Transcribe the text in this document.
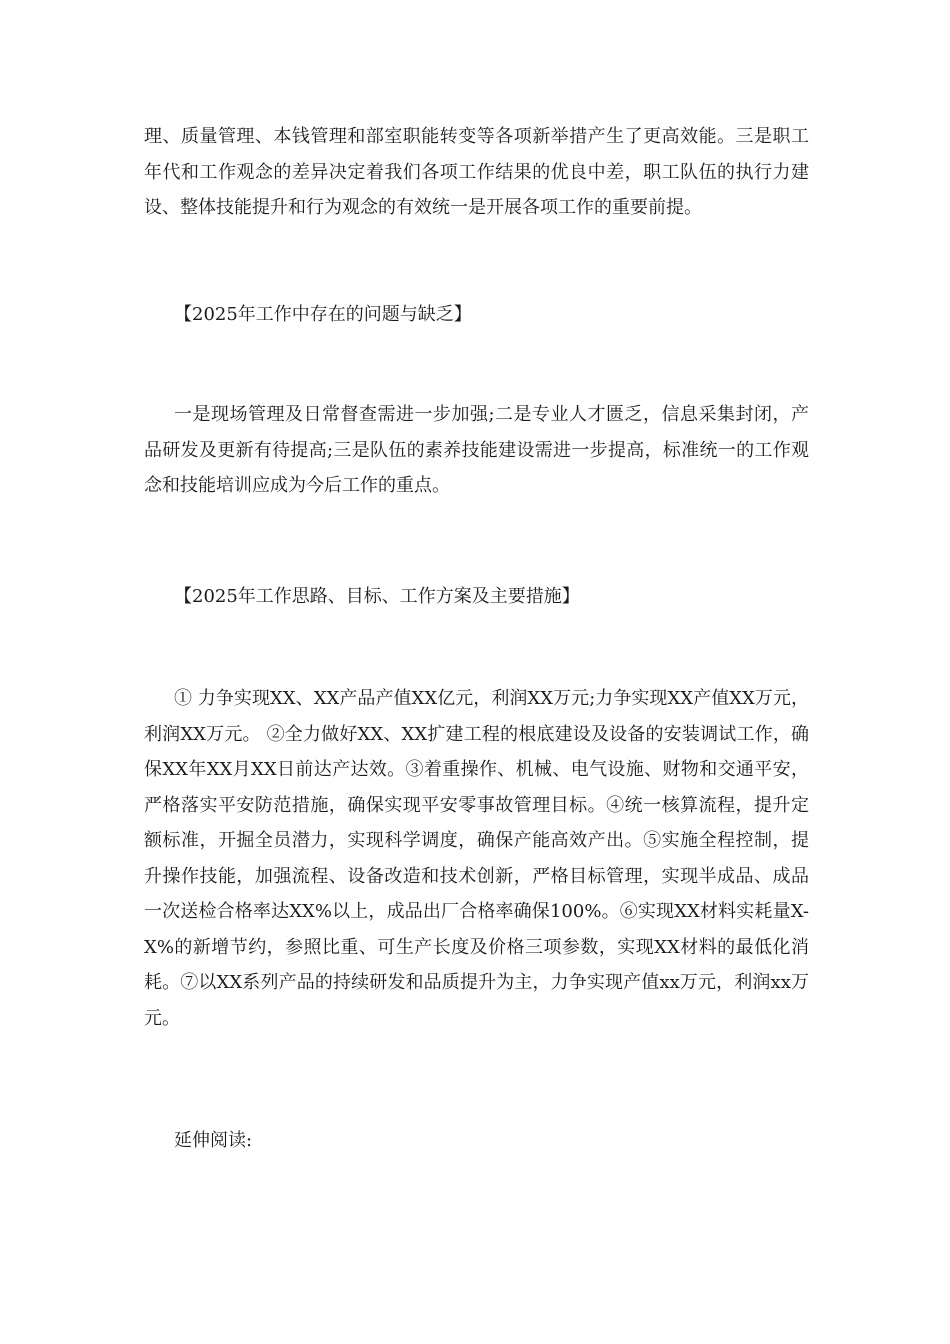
理、质量管理、本钱管理和部室职能转变等各项新举措产生了更高效能。三是职工年代和工作观念的差异决定着我们各项工作结果的优良中差，职工队伍的执行力建设、整体技能提升和行为观念的有效统一是开展各项工作的重要前提。

【2025年工作中存在的问题与缺乏】

一是现场管理及日常督查需进一步加强;二是专业人才匮乏，信息采集封闭，产品研发及更新有待提高;三是队伍的素养技能建设需进一步提高，标准统一的工作观念和技能培训应成为今后工作的重点。

【2025年工作思路、目标、工作方案及主要措施】

① 力争实现XX、XX产品产值XX亿元，利润XX万元;力争实现XX产值XX万元，利润XX万元。 ②全力做好XX、XX扩建工程的根底建设及设备的安装调试工作，确保XX年XX月XX日前达产达效。③着重操作、机械、电气设施、财物和交通平安，严格落实平安防范措施，确保实现平安零事故管理目标。④统一核算流程，提升定额标准，开掘全员潜力，实现科学调度，确保产能高效产出。⑤实施全程控制，提升操作技能，加强流程、设备改造和技术创新，严格目标管理，实现半成品、成品一次送检合格率达XX%以上，成品出厂合格率确保100%。⑥实现XX材料实耗量X-X%的新增节约，参照比重、可生产长度及价格三项参数，实现XX材料的最低化消耗。⑦以XX系列产品的持续研发和品质提升为主，力争实现产值xx万元，利润xx万元。

延伸阅读:
